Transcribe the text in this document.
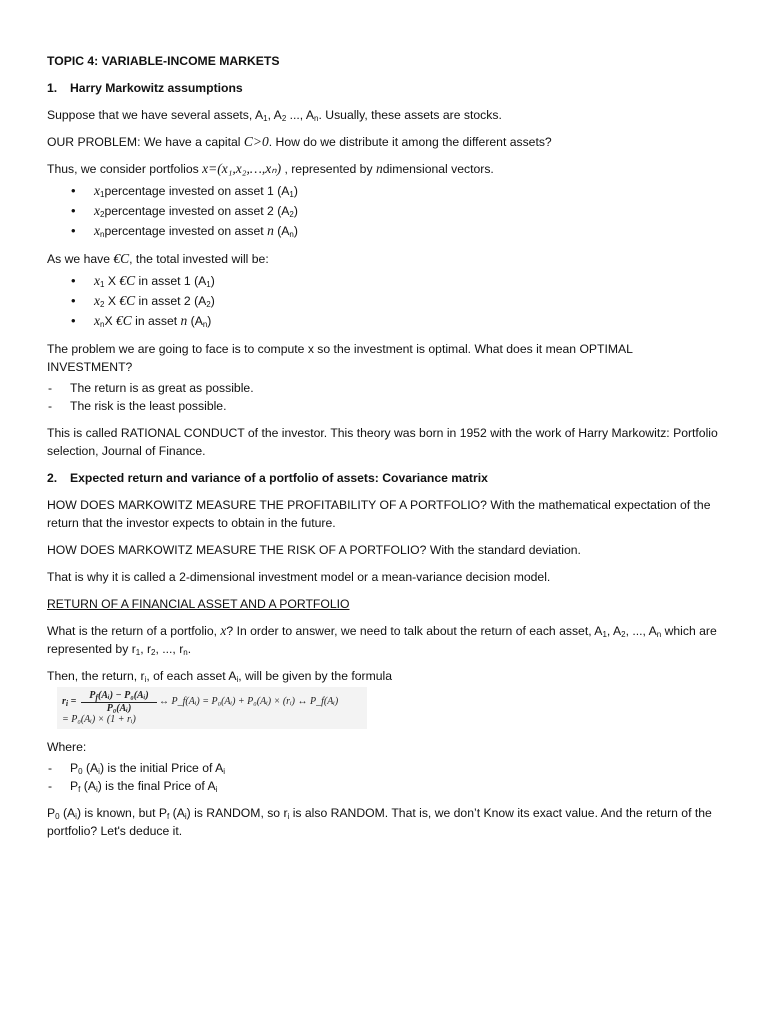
TOPIC 4: VARIABLE-INCOME MARKETS

1. Harry Markowitz assumptions

Suppose that we have several assets, $A_1$, $A_2$ ..., $A_n$. Usually, these assets are stocks.

OUR PROBLEM: We have a capital C>0. How do we distribute it among the different assets?

Thus, we consider portfolios x=(x₁,x₂,…,xₙ) , represented by ndimensional vectors.

• $x_1percentage$ invested on asset 1 $(A_1)$
• $x_2percentage$ invested on asset 2 $(A_2)$
• $x_npercentage$ invested on asset n $(A_n)$

As we have €C, the total invested will be:

• $x_1$ X €C in asset 1 $(A_1)$
• $x_2$ X €C in asset 2 $(A_2)$
• $x_nX$ €C in asset n $(A_n)$

The problem we are going to face is to compute x so the investment is optimal. What does it mean OPTIMAL INVESTMENT?

- The return is as great as possible.
- The risk is the least possible.

This is called RATIONAL CONDUCT of the investor. This theory was born in 1952 with the work of Harry Markowitz: Portfolio selection, Journal of Finance.

2. Expected return and variance of a portfolio of assets: Covariance matrix

HOW DOES MARKOWITZ MEASURE THE PROFITABILITY OF A PORTFOLIO? With the mathematical expectation of the return that the investor expects to obtain in the future.

HOW DOES MARKOWITZ MEASURE THE RISK OF A PORTFOLIO? With the standard deviation.

That is why it is called a 2-dimensional investment model or a mean-variance decision model.

RETURN OF A FINANCIAL ASSET AND A PORTFOLIO

What is the return of a portfolio, x? In order to answer, we need to talk about the return of each asset, $A_1$, $A_2$, ..., $A_n$ which are represented by $r_1$, $r_2$, ..., $r_n$.

Then, the return, $r_i$, of each asset $A_i$, will be given by the formula

$r_i = \frac{P_f(Aᵢ) - P_0(Aᵢ)}{\text{P₀(Aᵢ)}}$ ↔ P_f(Aᵢ) = P₀(Aᵢ) + P₀(Aᵢ) × (rᵢ) ↔ P_f(Aᵢ)
= P₀(Aᵢ) × (1 + rᵢ)

Where:

- $P_0$ $(A_i)$ is the initial Price of $A_i$
- $P_f$ $(A_i)$ is the final Price of $A_i$

$P_0$ $(A_i)$ is known, but $P_f$ $(A_i)$ is RANDOM, so $r_i$ is also RANDOM. That is, we don’t Know its exact value. And the return of the portfolio? Let's deduce it.
